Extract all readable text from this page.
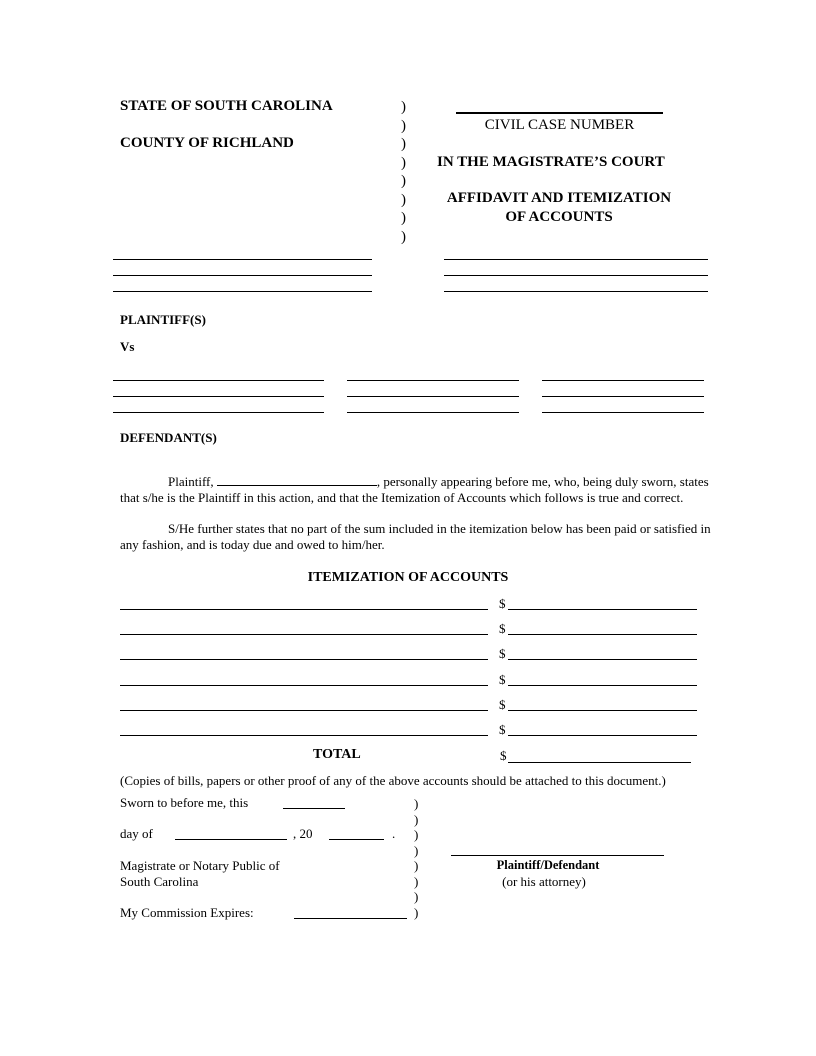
STATE OF SOUTH CAROLINA
COUNTY OF RICHLAND
)
)
)
)
)
)
)
)
CIVIL CASE NUMBER
IN THE MAGISTRATE’S COURT
AFFIDAVIT AND ITEMIZATION
OF ACCOUNTS
PLAINTIFF(S)
Vs
DEFENDANT(S)
Plaintiff,	, personally appearing before me, who, being duly sworn, states that s/he is the Plaintiff in this action, and that the Itemization of Accounts which follows is true and correct.
S/He further states that no part of the sum included in the itemization below has been paid or satisfied in any fashion, and is today due and owed to him/her.
ITEMIZATION OF ACCOUNTS
$
$
$
$
$
$
TOTAL	$
(Copies of bills, papers or other proof of any of the above accounts should be attached to this document.)
Sworn to before me, this
day of	, 20	.
Magistrate or Notary Public of
South Carolina
My Commission Expires:
)
)
)
)
)
)
)
)
Plaintiff/Defendant
(or his attorney)
